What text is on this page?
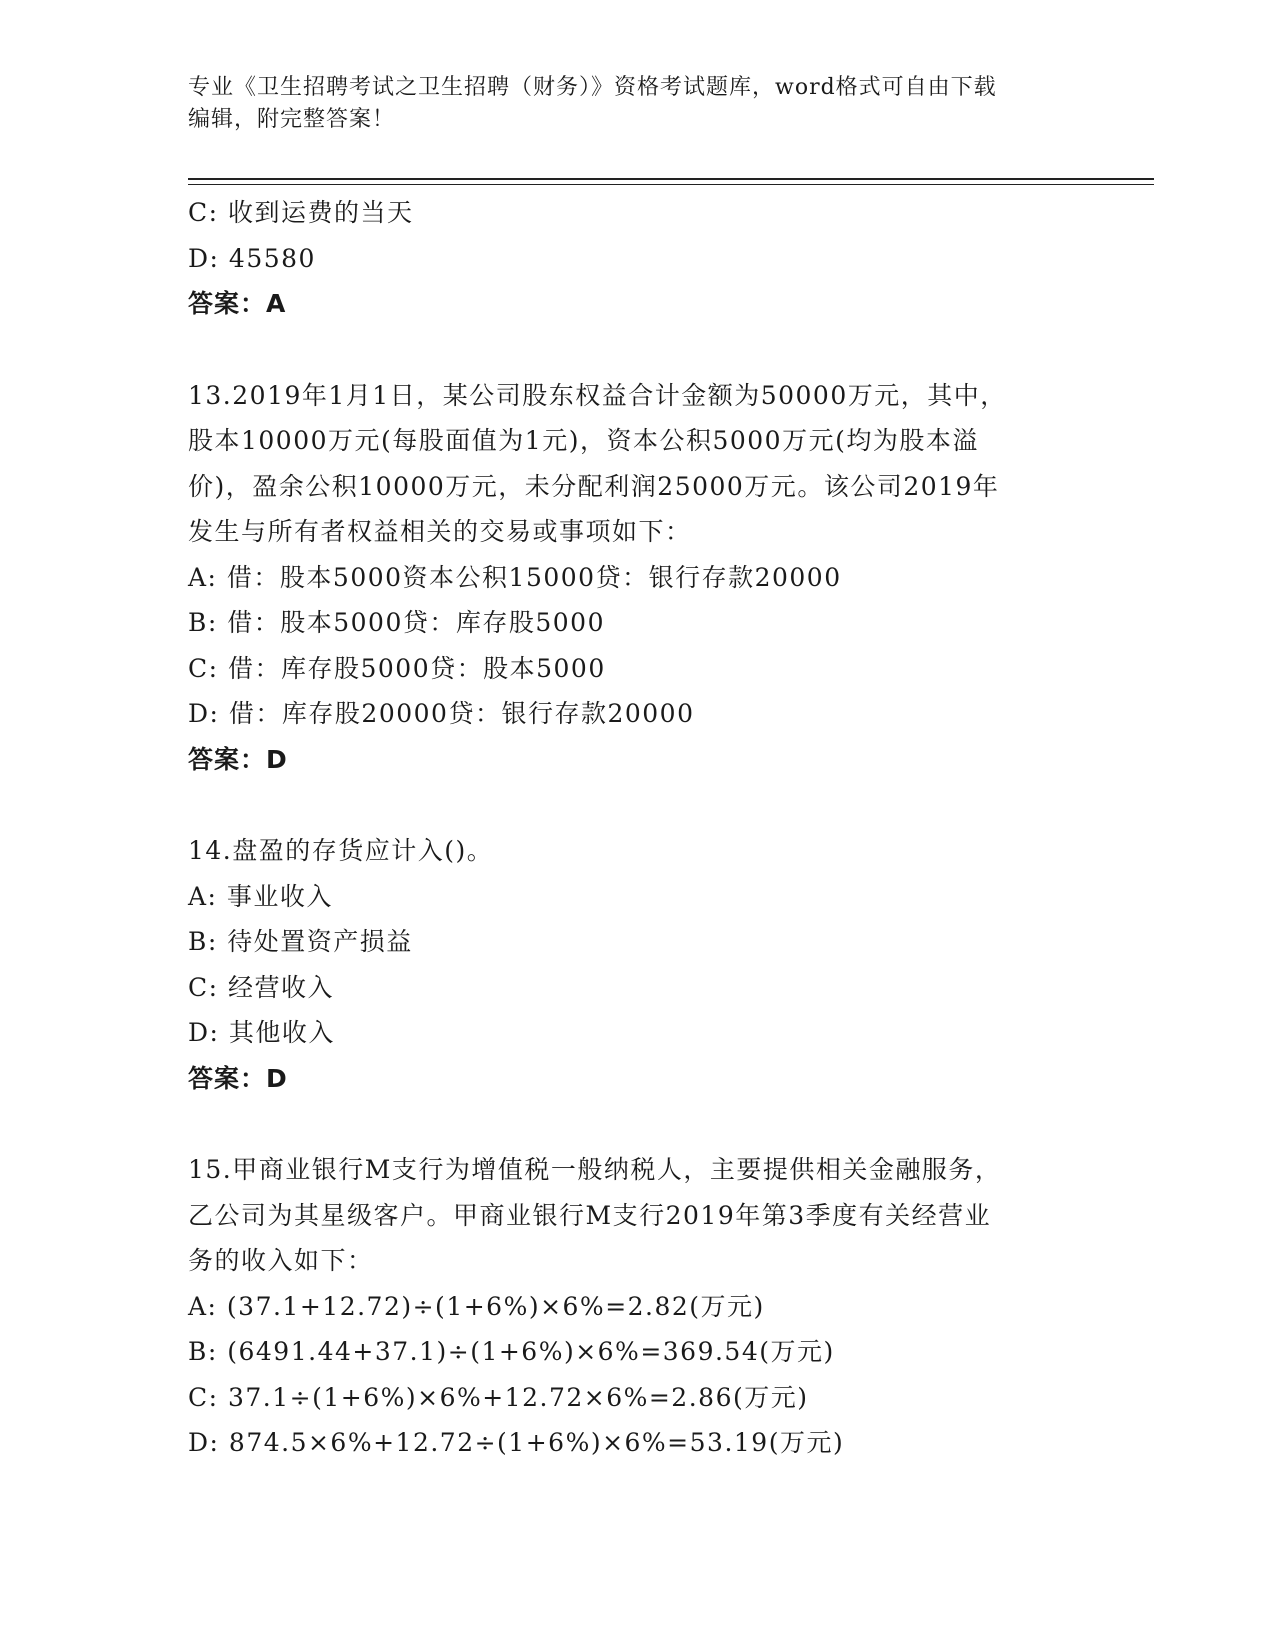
专业《卫生招聘考试之卫生招聘（财务）》资格考试题库，word格式可自由下载
编辑，附完整答案！
C: 收到运费的当天
D: 45580
答案：A
13.2019年1月1日，某公司股东权益合计金额为50000万元，其中，
股本10000万元(每股面值为1元)，资本公积5000万元(均为股本溢
价)，盈余公积10000万元，未分配利润25000万元。该公司2019年
发生与所有者权益相关的交易或事项如下：
A: 借：股本5000资本公积15000贷：银行存款20000
B: 借：股本5000贷：库存股5000
C: 借：库存股5000贷：股本5000
D: 借：库存股20000贷：银行存款20000
答案：D
14.盘盈的存货应计入()。
A: 事业收入
B: 待处置资产损益
C: 经营收入
D: 其他收入
答案：D
15.甲商业银行M支行为增值税一般纳税人，主要提供相关金融服务，
乙公司为其星级客户。甲商业银行M支行2019年第3季度有关经营业
务的收入如下：
A: (37.1+12.72)÷(1+6%)×6%=2.82(万元)
B: (6491.44+37.1)÷(1+6%)×6%=369.54(万元)
C: 37.1÷(1+6%)×6%+12.72×6%=2.86(万元)
D: 874.5×6%+12.72÷(1+6%)×6%=53.19(万元)
